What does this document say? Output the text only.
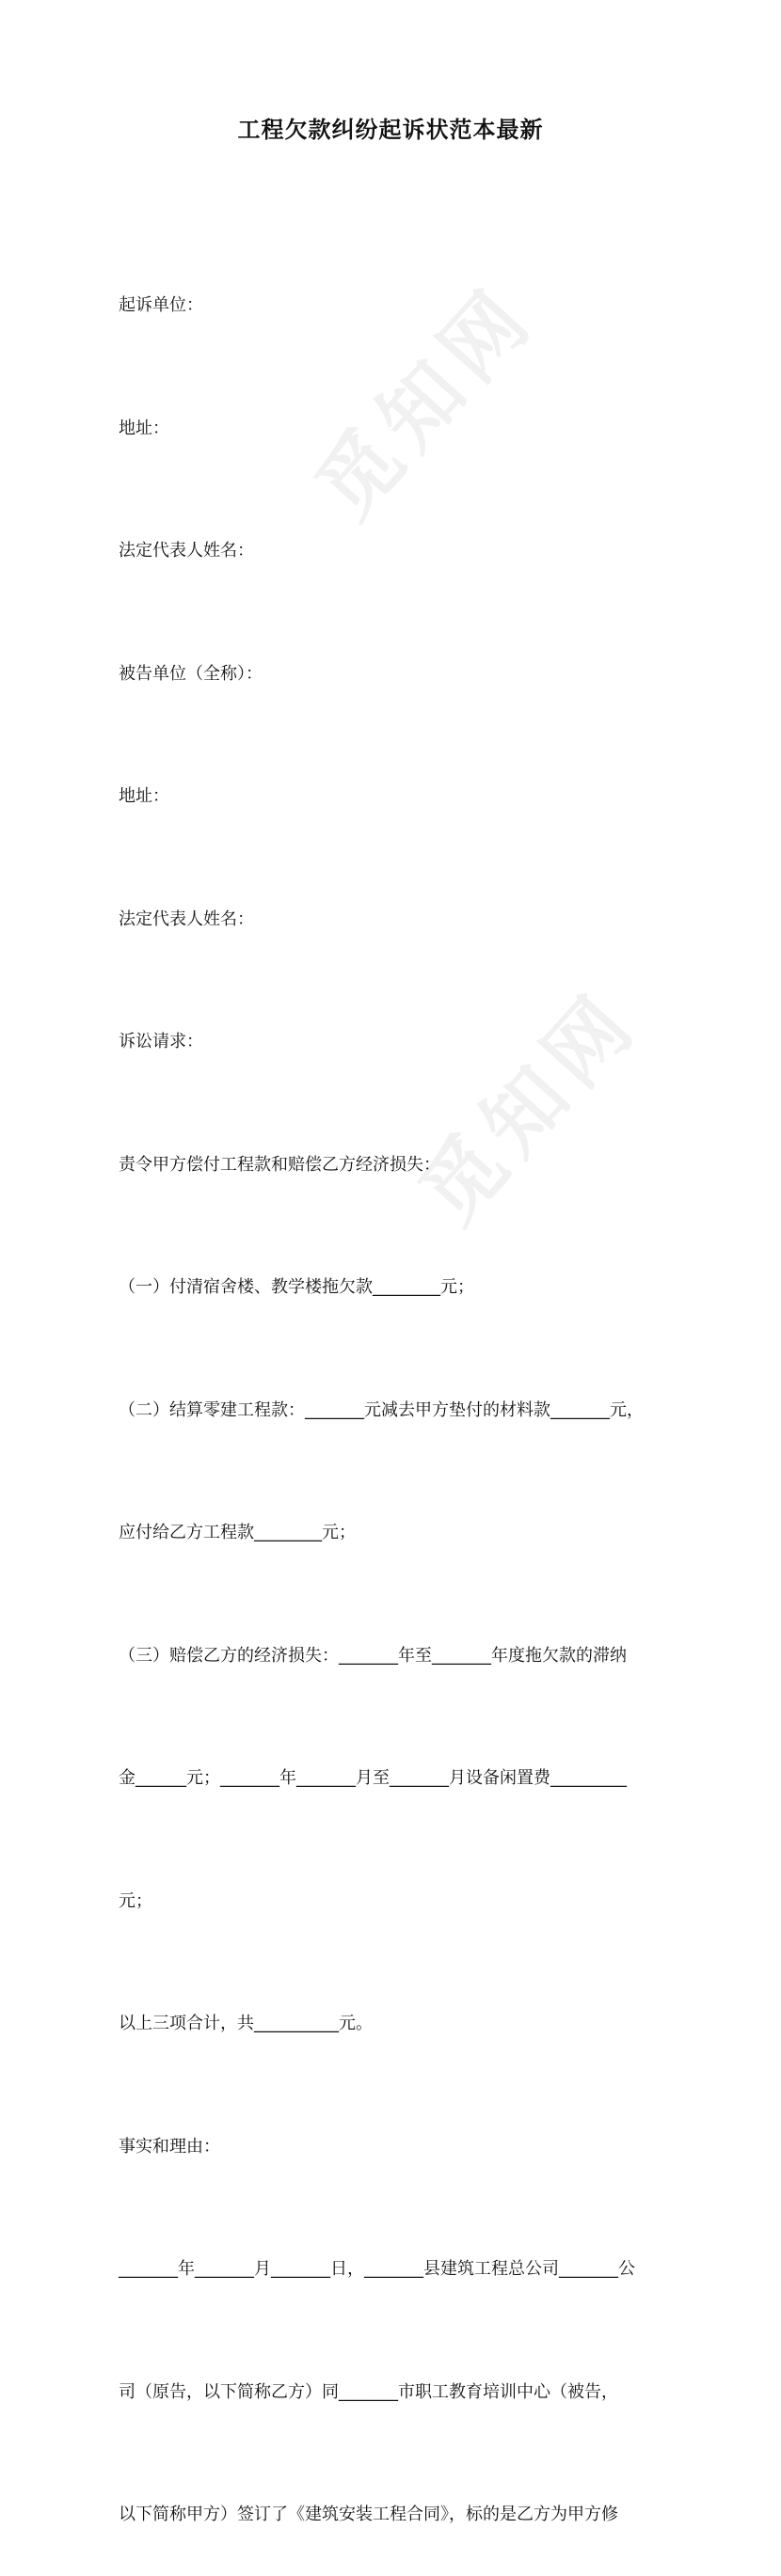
觅知网
觅知网
工程欠款纠纷起诉状范本最新

起诉单位：

地址：

法定代表人姓名：

被告单位（全称）：

地址：

法定代表人姓名：

诉讼请求：

责令甲方偿付工程款和赔偿乙方经济损失：

（一）付清宿舍楼、教学楼拖欠款________元；

（二）结算零建工程款：_______元减去甲方垫付的材料款_______元，

应付给乙方工程款________元；

（三）赔偿乙方的经济损失：_______年至_______年度拖欠款的滞纳

金______元；_______年_______月至_______月设备闲置费_________

元；

以上三项合计，共__________元。

事实和理由：

_______年_______月_______日，_______县建筑工程总公司_______公

司（原告，以下简称乙方）同_______市职工教育培训中心（被告，

以下简称甲方）签订了《建筑安装工程合同》，标的是乙方为甲方修
